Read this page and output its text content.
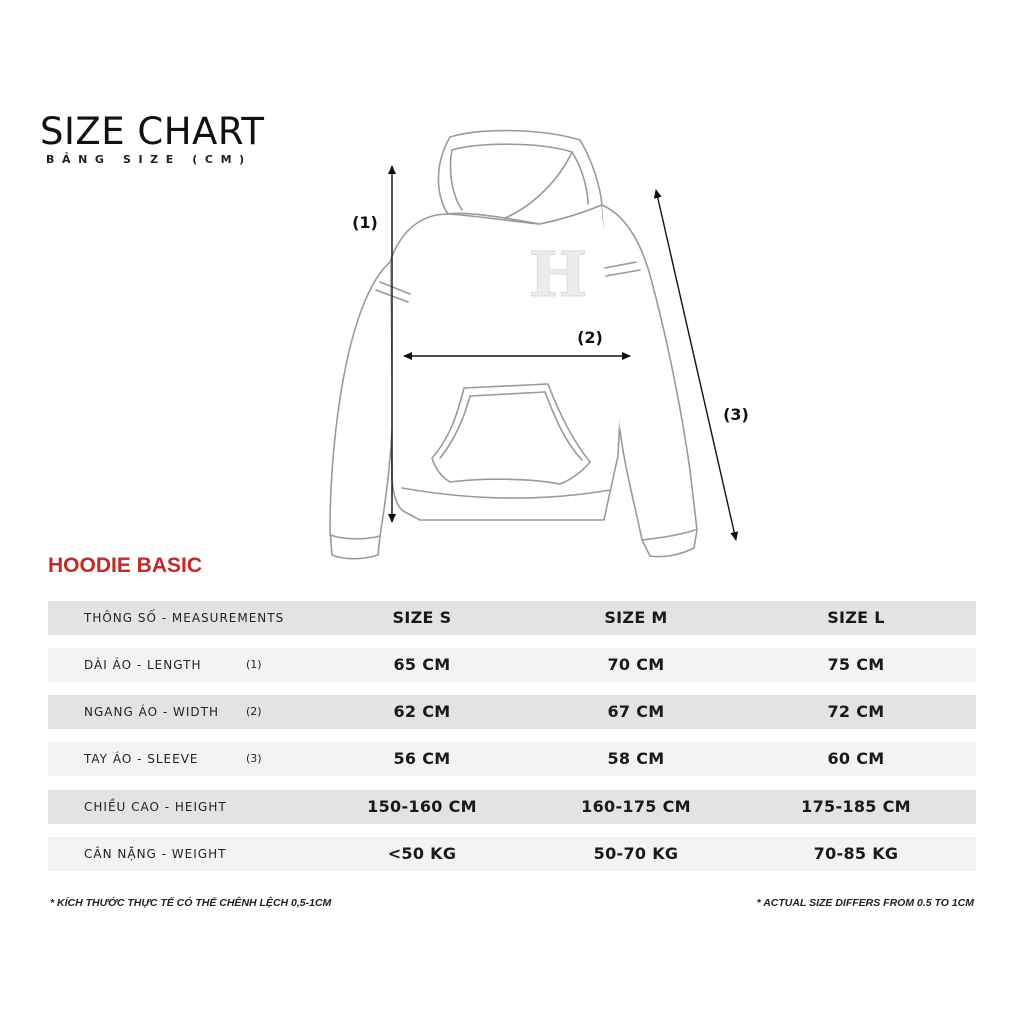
SIZE CHART
BẢNG SIZE (CM)
H
(1)
(2)
(3)
HOODIE BASIC
THÔNG SỐ - MEASUREMENTS	SIZE S	SIZE M	SIZE L
DÀI ÁO - LENGTH	(1)	65 CM	70 CM	75 CM
NGANG ÁO - WIDTH (2)	62 CM	67 CM	72 CM
TAY ÁO - SLEEVE	(3)	56 CM	58 CM	60 CM
CHIỀU CAO - HEIGHT	150-160 CM	160-175 CM	175-185 CM
CÂN NẶNG - WEIGHT	<50 KG	50-70 KG	70-85 KG
* KÍCH THƯỚC THỰC TẾ CÓ THỂ CHÊNH LỆCH 0,5-1CM	* ACTUAL SIZE DIFFERS FROM 0.5 TO 1CM
